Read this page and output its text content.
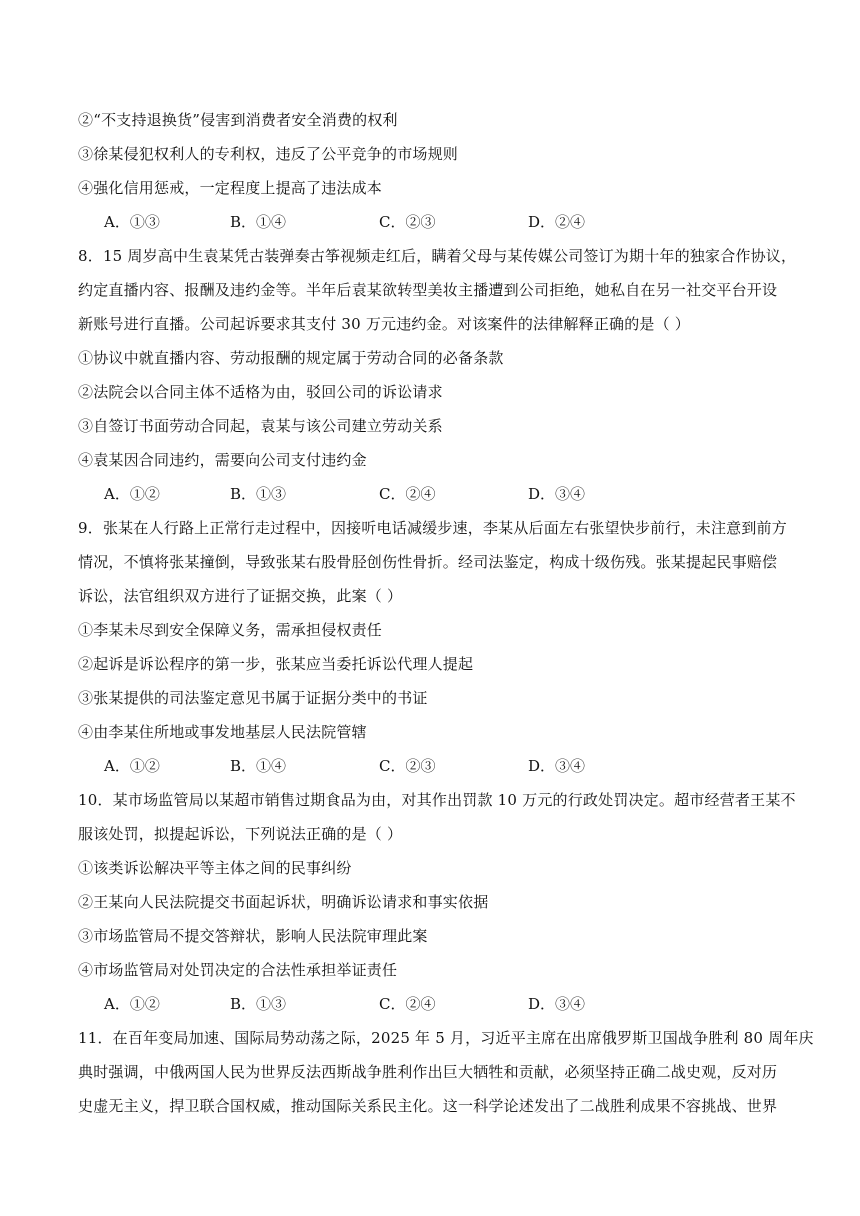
②“不支持退换货”侵害到消费者安全消费的权利
③徐某侵犯权利人的专利权，违反了公平竞争的市场规则
④强化信用惩戒，一定程度上提高了违法成本
A．①③	B．①④	C．②③	D．②④
8．15 周岁高中生袁某凭古装弹奏古筝视频走红后，瞒着父母与某传媒公司签订为期十年的独家合作协议，
约定直播内容、报酬及违约金等。半年后袁某欲转型美妆主播遭到公司拒绝，她私自在另一社交平台开设
新账号进行直播。公司起诉要求其支付 30 万元违约金。对该案件的法律解释正确的是（ ）
①协议中就直播内容、劳动报酬的规定属于劳动合同的必备条款
②法院会以合同主体不适格为由，驳回公司的诉讼请求
③自签订书面劳动合同起，袁某与该公司建立劳动关系
④袁某因合同违约，需要向公司支付违约金
A．①②	B．①③	C．②④	D．③④
9．张某在人行路上正常行走过程中，因接听电话减缓步速，李某从后面左右张望快步前行，未注意到前方
情况，不慎将张某撞倒，导致张某右股骨胫创伤性骨折。经司法鉴定，构成十级伤残。张某提起民事赔偿
诉讼，法官组织双方进行了证据交换，此案（ ）
①李某未尽到安全保障义务，需承担侵权责任
②起诉是诉讼程序的第一步，张某应当委托诉讼代理人提起
③张某提供的司法鉴定意见书属于证据分类中的书证
④由李某住所地或事发地基层人民法院管辖
A．①②	B．①④	C．②③	D．③④
10．某市场监管局以某超市销售过期食品为由，对其作出罚款 10 万元的行政处罚决定。超市经营者王某不
服该处罚，拟提起诉讼，下列说法正确的是（ ）
①该类诉讼解决平等主体之间的民事纠纷
②王某向人民法院提交书面起诉状，明确诉讼请求和事实依据
③市场监管局不提交答辩状，影响人民法院审理此案
④市场监管局对处罚决定的合法性承担举证责任
A．①②	B．①③	C．②④	D．③④
11．在百年变局加速、国际局势动荡之际，2025 年 5 月，习近平主席在出席俄罗斯卫国战争胜利 80 周年庆
典时强调，中俄两国人民为世界反法西斯战争胜利作出巨大牺牲和贡献，必须坚持正确二战史观，反对历
史虚无主义，捍卫联合国权威，推动国际关系民主化。这一科学论述发出了二战胜利成果不容挑战、世界
